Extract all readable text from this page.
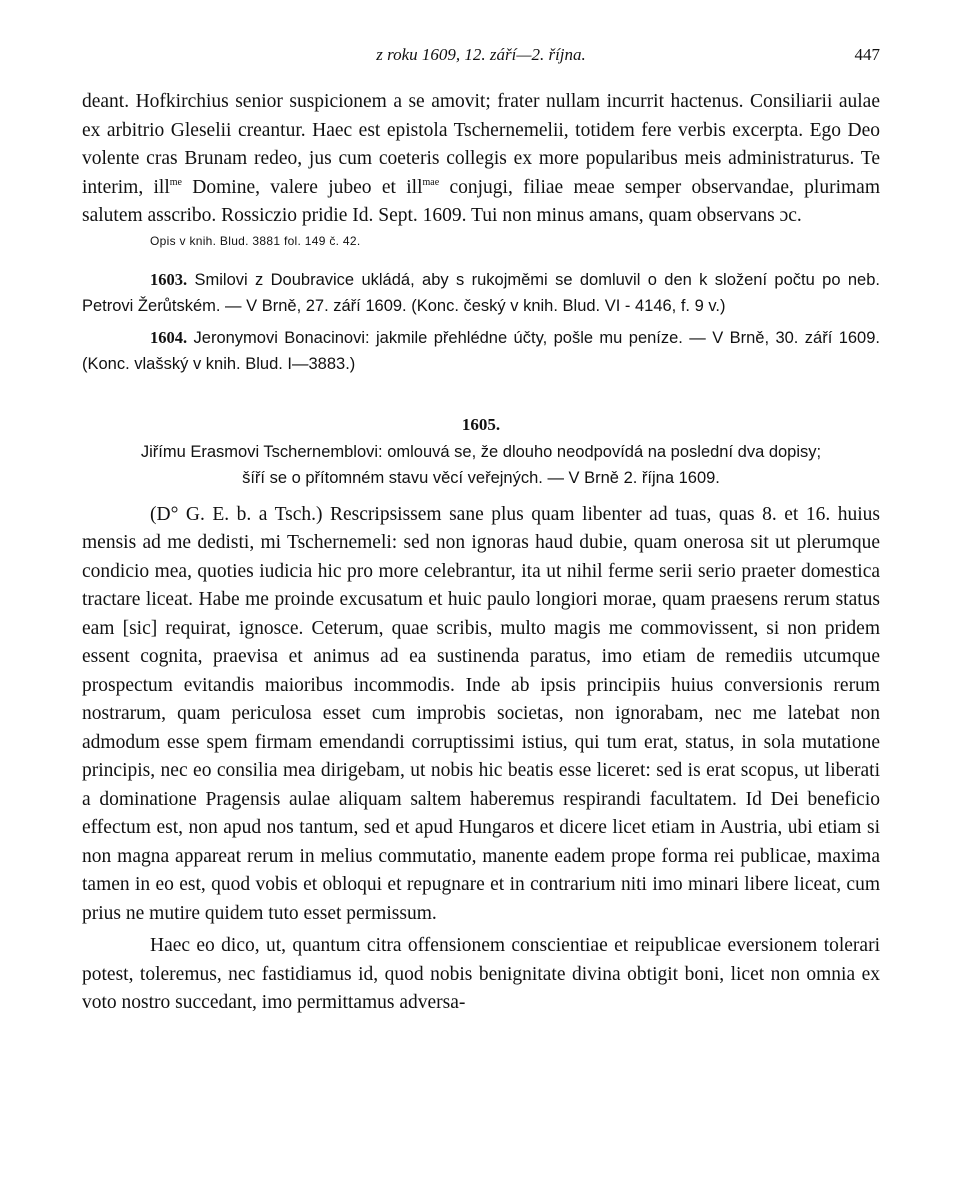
z roku 1609, 12. září—2. října.	447

deant. Hofkirchius senior suspicionem a se amovit; frater nullam incurrit hactenus. Consiliarii aulae ex arbitrio Gleselii creantur. Haec est epistola Tschernemelii, totidem fere verbis excerpta. Ego Deo volente cras Brunam redeo, jus cum coeteris collegis ex more popularibus meis administraturus. Te interim, ill$^{me}$ Domine, valere jubeo et ill$^{mae}$ conjugi, filiae meae semper observandae, plurimam salutem asscribo. Rossiczio pridie Id. Sept. 1609. Tui non minus amans, quam observans ɔc.

Opis v knih. Blud. 3881 fol. 149 č. 42.

1603. Smilovi z Doubravice ukládá, aby s rukojměmi se domluvil o den k složení počtu po neb. Petrovi Žerůtském. — V Brně, 27. září 1609. (Konc. český v knih. Blud. VI - 4146, f. 9 v.)

1604. Jeronymovi Bonacinovi: jakmile přehlédne účty, pošle mu peníze. — V Brně, 30. září 1609. (Konc. vlašský v knih. Blud. I—3883.)

1605.
Jiřímu Erasmovi Tschernemblovi: omlouvá se, že dlouho neodpovídá na poslední dva dopisy;
šíří se o přítomném stavu věcí veřejných. — V Brně 2. října 1609.

(D° G. E. b. a Tsch.) Rescripsissem sane plus quam libenter ad tuas, quas 8. et 16. huius mensis ad me dedisti, mi Tschernemeli: sed non ignoras haud dubie, quam onerosa sit ut plerumque condicio mea, quoties iudicia hic pro more celebrantur, ita ut nihil ferme serii serio praeter domestica tractare liceat. Habe me proinde excusatum et huic paulo longiori morae, quam praesens rerum status eam [sic] requirat, ignosce. Ceterum, quae scribis, multo magis me commovissent, si non pridem essent cognita, praevisa et animus ad ea sustinenda paratus, imo etiam de remediis utcumque prospectum evitandis maioribus incommodis. Inde ab ipsis principiis huius conversionis rerum nostrarum, quam periculosa esset cum improbis societas, non ignorabam, nec me latebat non admodum esse spem firmam emendandi corruptissimi istius, qui tum erat, status, in sola mutatione principis, nec eo consilia mea dirigebam, ut nobis hic beatis esse liceret: sed is erat scopus, ut liberati a dominatione Pragensis aulae aliquam saltem haberemus respirandi facultatem. Id Dei beneficio effectum est, non apud nos tantum, sed et apud Hungaros et dicere licet etiam in Austria, ubi etiam si non magna appareat rerum in melius commutatio, manente eadem prope forma rei publicae, maxima tamen in eo est, quod vobis et obloqui et repugnare et in contrarium niti imo minari libere liceat, cum prius ne mutire quidem tuto esset permissum.

Haec eo dico, ut, quantum citra offensionem conscientiae et reipublicae eversionem tolerari potest, toleremus, nec fastidiamus id, quod nobis benignitate divina obtigit boni, licet non omnia ex voto nostro succedant, imo permittamus adversa-
